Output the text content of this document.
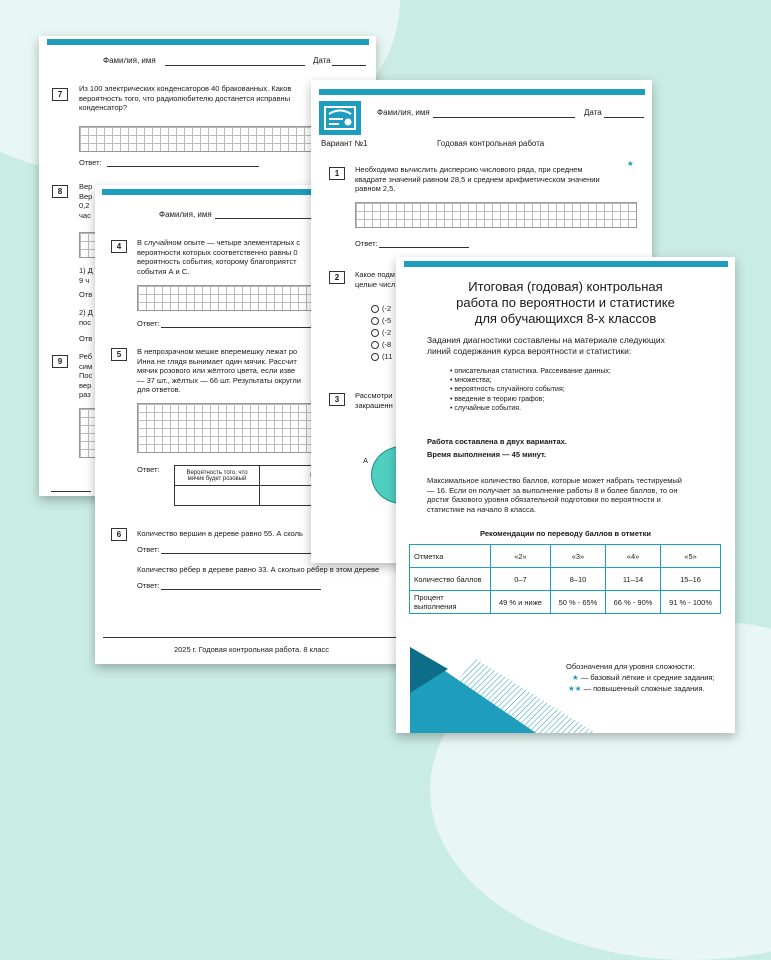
Фамилия, имя	Дата
7
Из 100 электрических конденсаторов 40 бракованных. Каков
вероятность того, что радиолюбителю достанется исправны
конденсатор?
Ответ:
8
Вер
Вер
0,2
час
1) Д
9 ч
Отв
2) Д
пос
Отв
9
Реб
сим
Пос
вер
раз
Фамилия, имя
4	В случайном опыте — четыре элементарных с
вероятности которых соответственно равны 0
вероятность события, которому благоприятст
события А и С.
Ответ:
5	В непрозрачном мешке вперемешку лежат ро
Инна не глядя вынимает один мячик. Рассчит
мячик розового или жёлтого цвета, если изве
— 37 шт., жёлтых — 66 шт. Результаты округли
для ответов.
Ответ:	Вероятность того, что мячик будет розовый	

6	Количество вершин в дереве равно 55. А сколь
Ответ:
Количество рёбер в дереве равно 33. А сколько рёбер в этом дереве
Ответ:
2025 г. Годовая контрольная работа. 8 класс
Фамилия, имя	Дата
Вариант №1	Годовая контрольная работа
★
1	Необходимо вычислить дисперсию числового ряда, при среднем
квадрате значений равном 28,5 и среднем арифметическом значении
равном 2,5.
Ответ:
2	Какое подм
целые числ
(-2
(-5
(-2
(-8
(11
3	Рассмотри
закрашенн
A
Итоговая (годовая) контрольная
работа по вероятности и статистике
для обучающихся 8-х классов
Задания диагностики составлены на материале следующих
линий содержания курса вероятности и статистики:
• описательная статистика. Рассеивание данных;
• множества;
• вероятность случайного события;
• введение в теорию графов;
• случайные события.
Работа составлена в двух вариантах.
Время выполнения — 45 минут.
Максимальное количество баллов, которые может набрать тестируемый
— 16. Если он получает за выполнение работы 8 и более баллов, то он
достиг базового уровня обязательной подготовки по вероятности и
статистике на начало 8 класса.
Рекомендации по переводу баллов в отметки
Отметка	«2»	«3»	«4»	«5»
Количество баллов	0–7	8–10	11–14	15–16
Процент выполнения	49 % и ниже	50 % - 65%	66 % - 90%	91 % - 100%
Обозначения для уровня сложности:
★ — базовый лёгкие и средние задания;
★★ — повышенный сложные задания.
